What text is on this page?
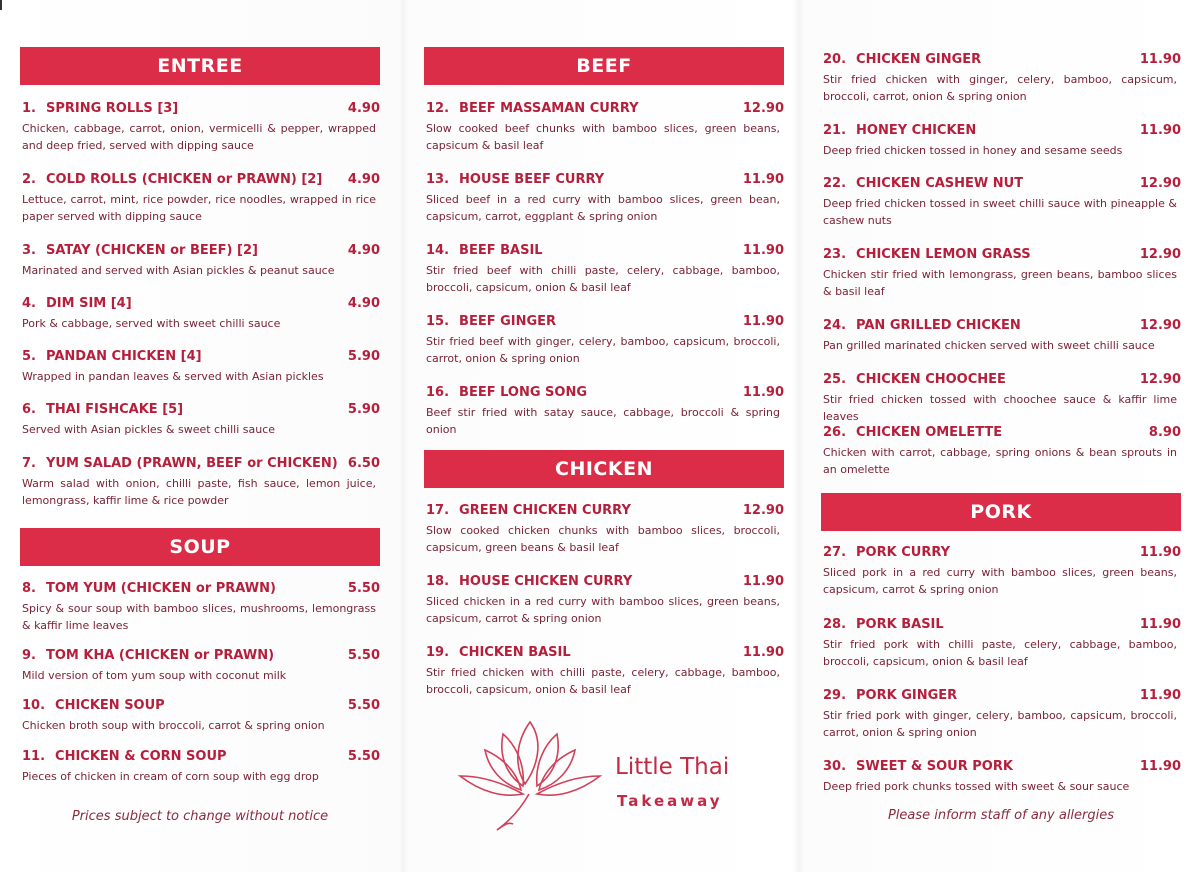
ENTREE
1. SPRING ROLLS [3]	4.90
Chicken, cabbage, carrot, onion, vermicelli & pepper, wrapped and deep fried, served with dipping sauce
2. COLD ROLLS (CHICKEN or PRAWN) [2] 4.90
Lettuce, carrot, mint, rice powder, rice noodles, wrapped in rice paper served with dipping sauce
3. SATAY (CHICKEN or BEEF) [2]	4.90
Marinated and served with Asian pickles & peanut sauce
4. DIM SIM [4]	4.90
Pork & cabbage, served with sweet chilli sauce
5. PANDAN CHICKEN [4]	5.90
Wrapped in pandan leaves & served with Asian pickles
6. THAI FISHCAKE [5]	5.90
Served with Asian pickles & sweet chilli sauce
7. YUM SALAD (PRAWN, BEEF or CHICKEN) 6.50
Warm salad with onion, chilli paste, fish sauce, lemon juice, lemongrass, kaffir lime & rice powder
SOUP
8. TOM YUM (CHICKEN or PRAWN)	5.50
Spicy & sour soup with bamboo slices, mushrooms, lemongrass & kaffir lime leaves
9. TOM KHA (CHICKEN or PRAWN)	5.50
Mild version of tom yum soup with coconut milk
10. CHICKEN SOUP	5.50
Chicken broth soup with broccoli, carrot & spring onion
11. CHICKEN & CORN SOUP	5.50
Pieces of chicken in cream of corn soup with egg drop
Prices subject to change without notice
BEEF
12. BEEF MASSAMAN CURRY	12.90
Slow cooked beef chunks with bamboo slices, green beans, capsicum & basil leaf
13. HOUSE BEEF CURRY	11.90
Sliced beef in a red curry with bamboo slices, green bean, capsicum, carrot, eggplant & spring onion
14. BEEF BASIL	11.90
Stir fried beef with chilli paste, celery, cabbage, bamboo, broccoli, capsicum, onion & basil leaf
15. BEEF GINGER	11.90
Stir fried beef with ginger, celery, bamboo, capsicum, broccoli, carrot, onion & spring onion
16. BEEF LONG SONG	11.90
Beef stir fried with satay sauce, cabbage, broccoli & spring onion
CHICKEN
17. GREEN CHICKEN CURRY	12.90
Slow cooked chicken chunks with bamboo slices, broccoli, capsicum, green beans & basil leaf
18. HOUSE CHICKEN CURRY	11.90
Sliced chicken in a red curry with bamboo slices, green beans, capsicum, carrot & spring onion
19. CHICKEN BASIL	11.90
Stir fried chicken with chilli paste, celery, cabbage, bamboo, broccoli, capsicum, onion & basil leaf
Little Thai
Takeaway
20. CHICKEN GINGER	11.90
Stir fried chicken with ginger, celery, bamboo, capsicum, broccoli, carrot, onion & spring onion
21. HONEY CHICKEN	11.90
Deep fried chicken tossed in honey and sesame seeds
22. CHICKEN CASHEW NUT	12.90
Deep fried chicken tossed in sweet chilli sauce with pineapple & cashew nuts
23. CHICKEN LEMON GRASS	12.90
Chicken stir fried with lemongrass, green beans, bamboo slices & basil leaf
24. PAN GRILLED CHICKEN	12.90
Pan grilled marinated chicken served with sweet chilli sauce
25. CHICKEN CHOOCHEE	12.90
Stir fried chicken tossed with choochee sauce & kaffir lime leaves
26. CHICKEN OMELETTE	8.90
Chicken with carrot, cabbage, spring onions & bean sprouts in an omelette
PORK
27. PORK CURRY	11.90
Sliced pork in a red curry with bamboo slices, green beans, capsicum, carrot & spring onion
28. PORK BASIL	11.90
Stir fried pork with chilli paste, celery, cabbage, bamboo, broccoli, capsicum, onion & basil leaf
29. PORK GINGER	11.90
Stir fried pork with ginger, celery, bamboo, capsicum, broccoli, carrot, onion & spring onion
30. SWEET & SOUR PORK	11.90
Deep fried pork chunks tossed with sweet & sour sauce
Please inform staff of any allergies
